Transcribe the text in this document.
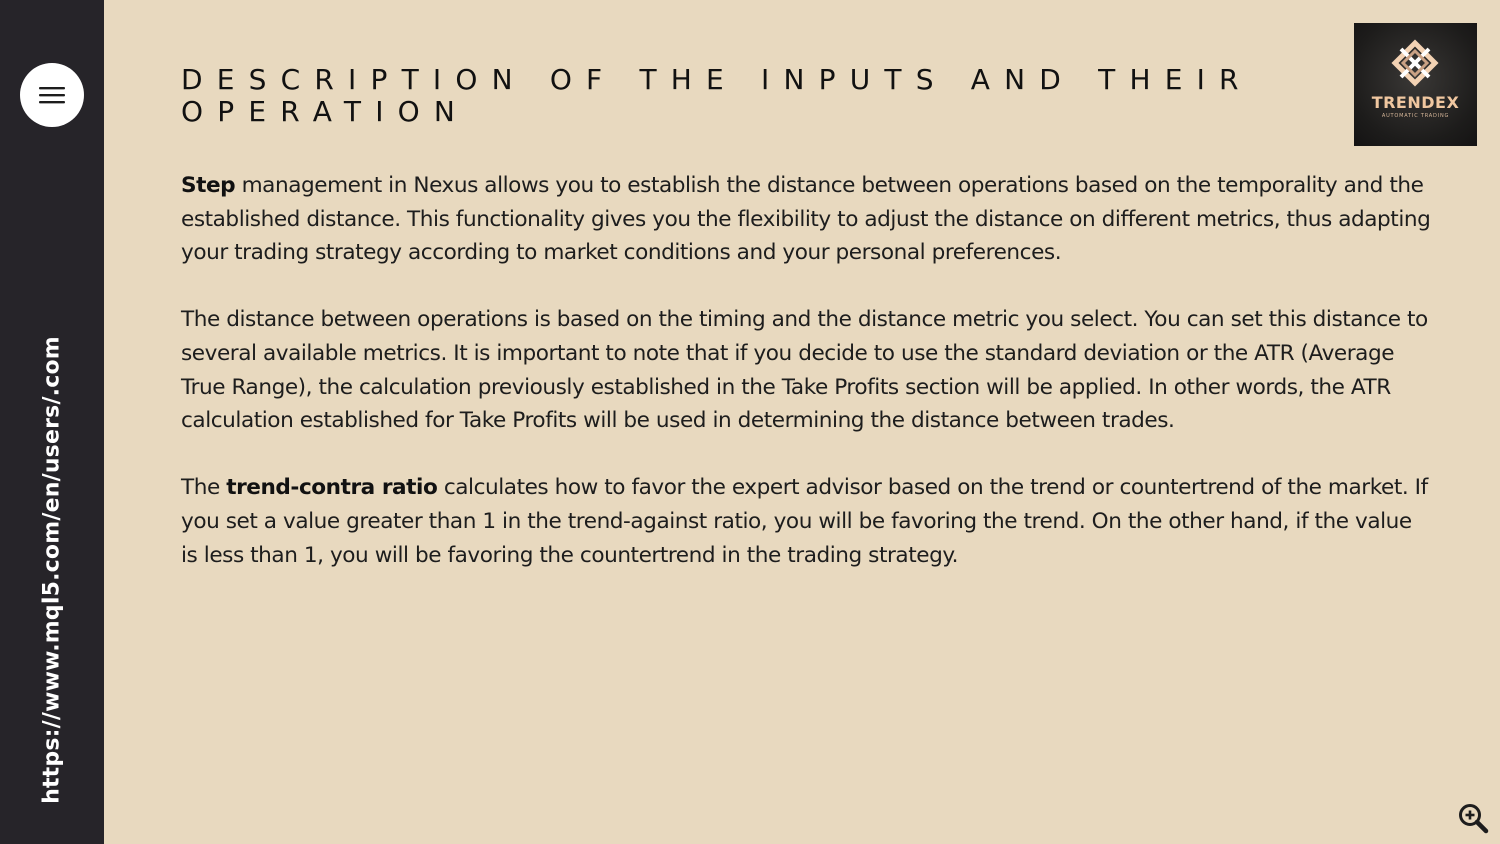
https://www.mql5.com/en/users/.com
DESCRIPTION OF THE INPUTS AND THEIR OPERATION	TRENDEX
AUTOMATIC TRADING

Step management in Nexus allows you to establish the distance between operations based on the temporality and the established distance. This functionality gives you the flexibility to adjust the distance on different metrics, thus adapting your trading strategy according to market conditions and your personal preferences.

The distance between operations is based on the timing and the distance metric you select. You can set this distance to several available metrics. It is important to note that if you decide to use the standard deviation or the ATR (Average True Range), the calculation previously established in the Take Profits section will be applied. In other words, the ATR calculation established for Take Profits will be used in determining the distance between trades.

The trend-contra ratio calculates how to favor the expert advisor based on the trend or countertrend of the market. If you set a value greater than 1 in the trend-against ratio, you will be favoring the trend. On the other hand, if the value is less than 1, you will be favoring the countertrend in the trading strategy.
